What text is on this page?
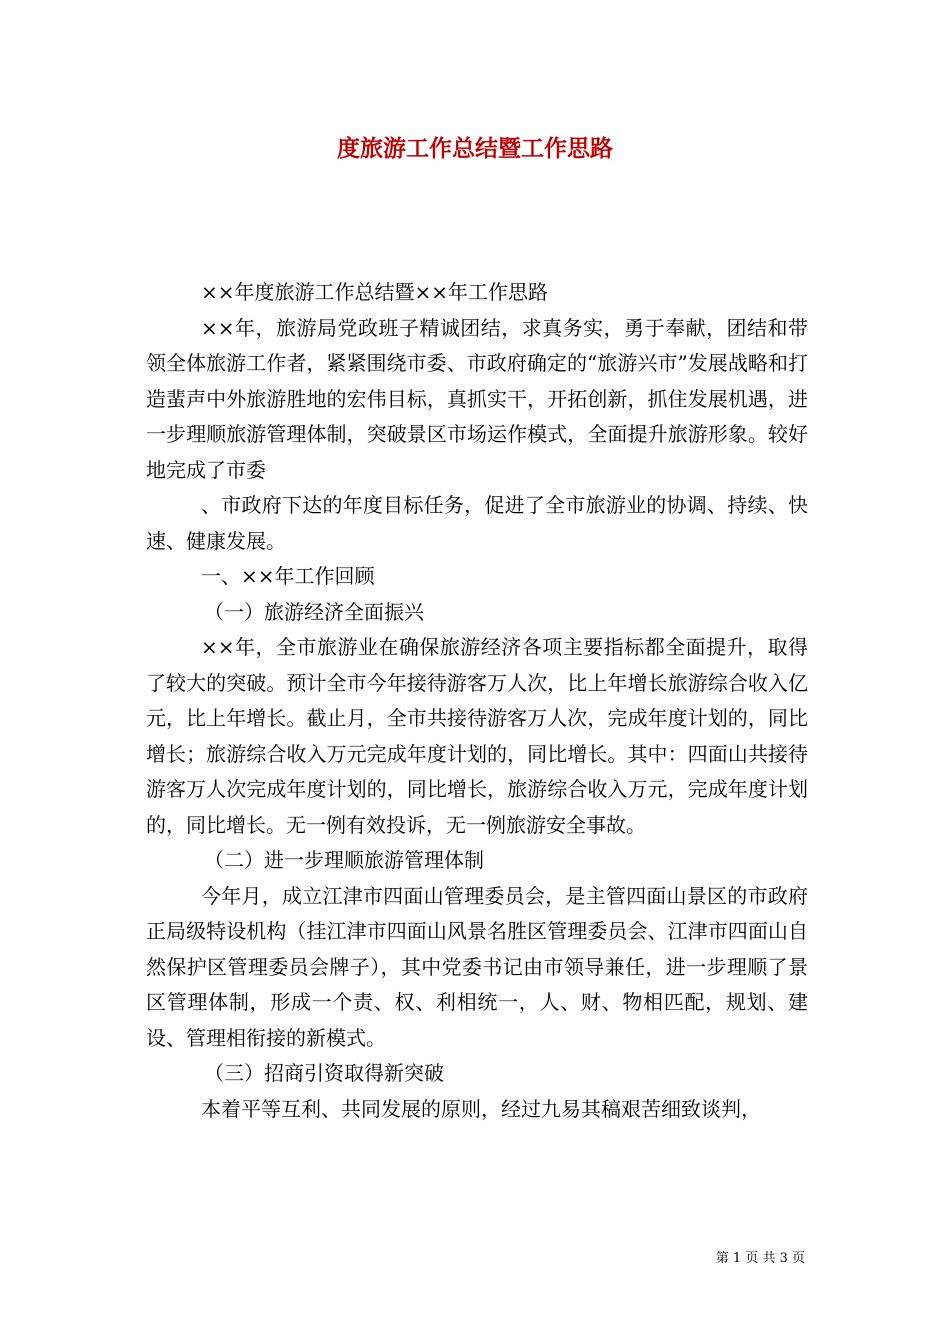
度旅游工作总结暨工作思路

××年度旅游工作总结暨××年工作思路

××年，旅游局党政班子精诚团结，求真务实，勇于奉献，团结和带领全体旅游工作者，紧紧围绕市委、市政府确定的“旅游兴市”发展战略和打造蜚声中外旅游胜地的宏伟目标，真抓实干，开拓创新，抓住发展机遇，进一步理顺旅游管理体制，突破景区市场运作模式，全面提升旅游形象。较好地完成了市委

、市政府下达的年度目标任务，促进了全市旅游业的协调、持续、快速、健康发展。

一、××年工作回顾

（一）旅游经济全面振兴

××年，全市旅游业在确保旅游经济各项主要指标都全面提升，取得了较大的突破。预计全市今年接待游客万人次，比上年增长旅游综合收入亿元，比上年增长。截止月，全市共接待游客万人次，完成年度计划的，同比增长；旅游综合收入万元完成年度计划的，同比增长。其中：四面山共接待游客万人次完成年度计划的，同比增长，旅游综合收入万元，完成年度计划的，同比增长。无一例有效投诉，无一例旅游安全事故。

（二）进一步理顺旅游管理体制

今年月，成立江津市四面山管理委员会，是主管四面山景区的市政府正局级特设机构（挂江津市四面山风景名胜区管理委员会、江津市四面山自然保护区管理委员会牌子），其中党委书记由市领导兼任，进一步理顺了景区管理体制，形成一个责、权、利相统一，人、财、物相匹配，规划、建设、管理相衔接的新模式。

（三）招商引资取得新突破

本着平等互利、共同发展的原则，经过九易其稿艰苦细致谈判，

第 1 页 共 3 页
